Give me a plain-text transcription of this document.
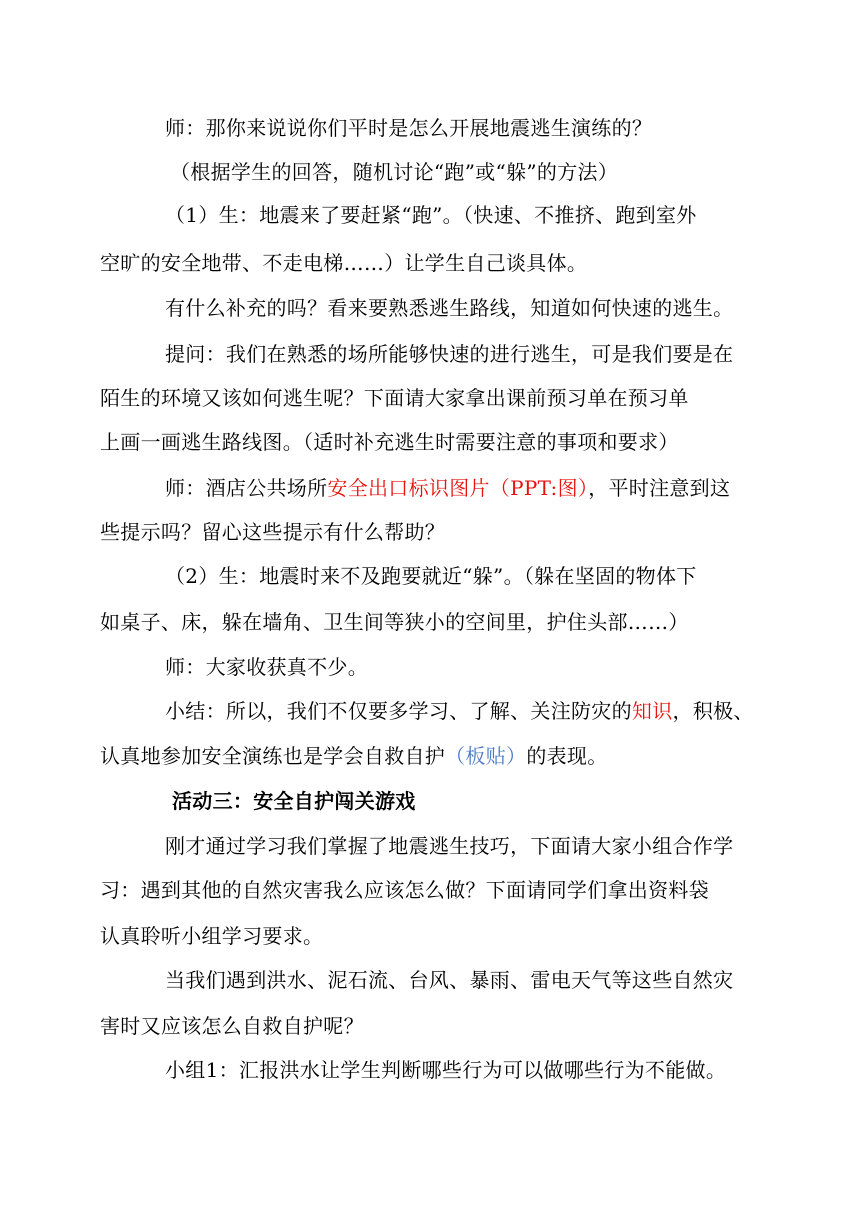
师：那你来说说你们平时是怎么开展地震逃生演练的？
（根据学生的回答，随机讨论“跑”或“躲”的方法）
（1）生：地震来了要赶紧“跑”。（快速、不推挤、跑到室外
空旷的安全地带、不走电梯……）让学生自己谈具体。
有什么补充的吗？看来要熟悉逃生路线，知道如何快速的逃生。
提问：我们在熟悉的场所能够快速的进行逃生，可是我们要是在
陌生的环境又该如何逃生呢？下面请大家拿出课前预习单在预习单
上画一画逃生路线图。（适时补充逃生时需要注意的事项和要求）
师：酒店公共场所安全出口标识图片（PPT:图），平时注意到这
些提示吗？留心这些提示有什么帮助？
（2）生：地震时来不及跑要就近“躲”。（躲在坚固的物体下
如桌子、床，躲在墙角、卫生间等狭小的空间里，护住头部……）
师：大家收获真不少。
小结：所以，我们不仅要多学习、了解、关注防灾的知识，积极、
认真地参加安全演练也是学会自救自护（板贴）的表现。
活动三：安全自护闯关游戏
刚才通过学习我们掌握了地震逃生技巧，下面请大家小组合作学
习：遇到其他的自然灾害我么应该怎么做？下面请同学们拿出资料袋
认真聆听小组学习要求。
当我们遇到洪水、泥石流、台风、暴雨、雷电天气等这些自然灾
害时又应该怎么自救自护呢？
小组1：汇报洪水让学生判断哪些行为可以做哪些行为不能做。
